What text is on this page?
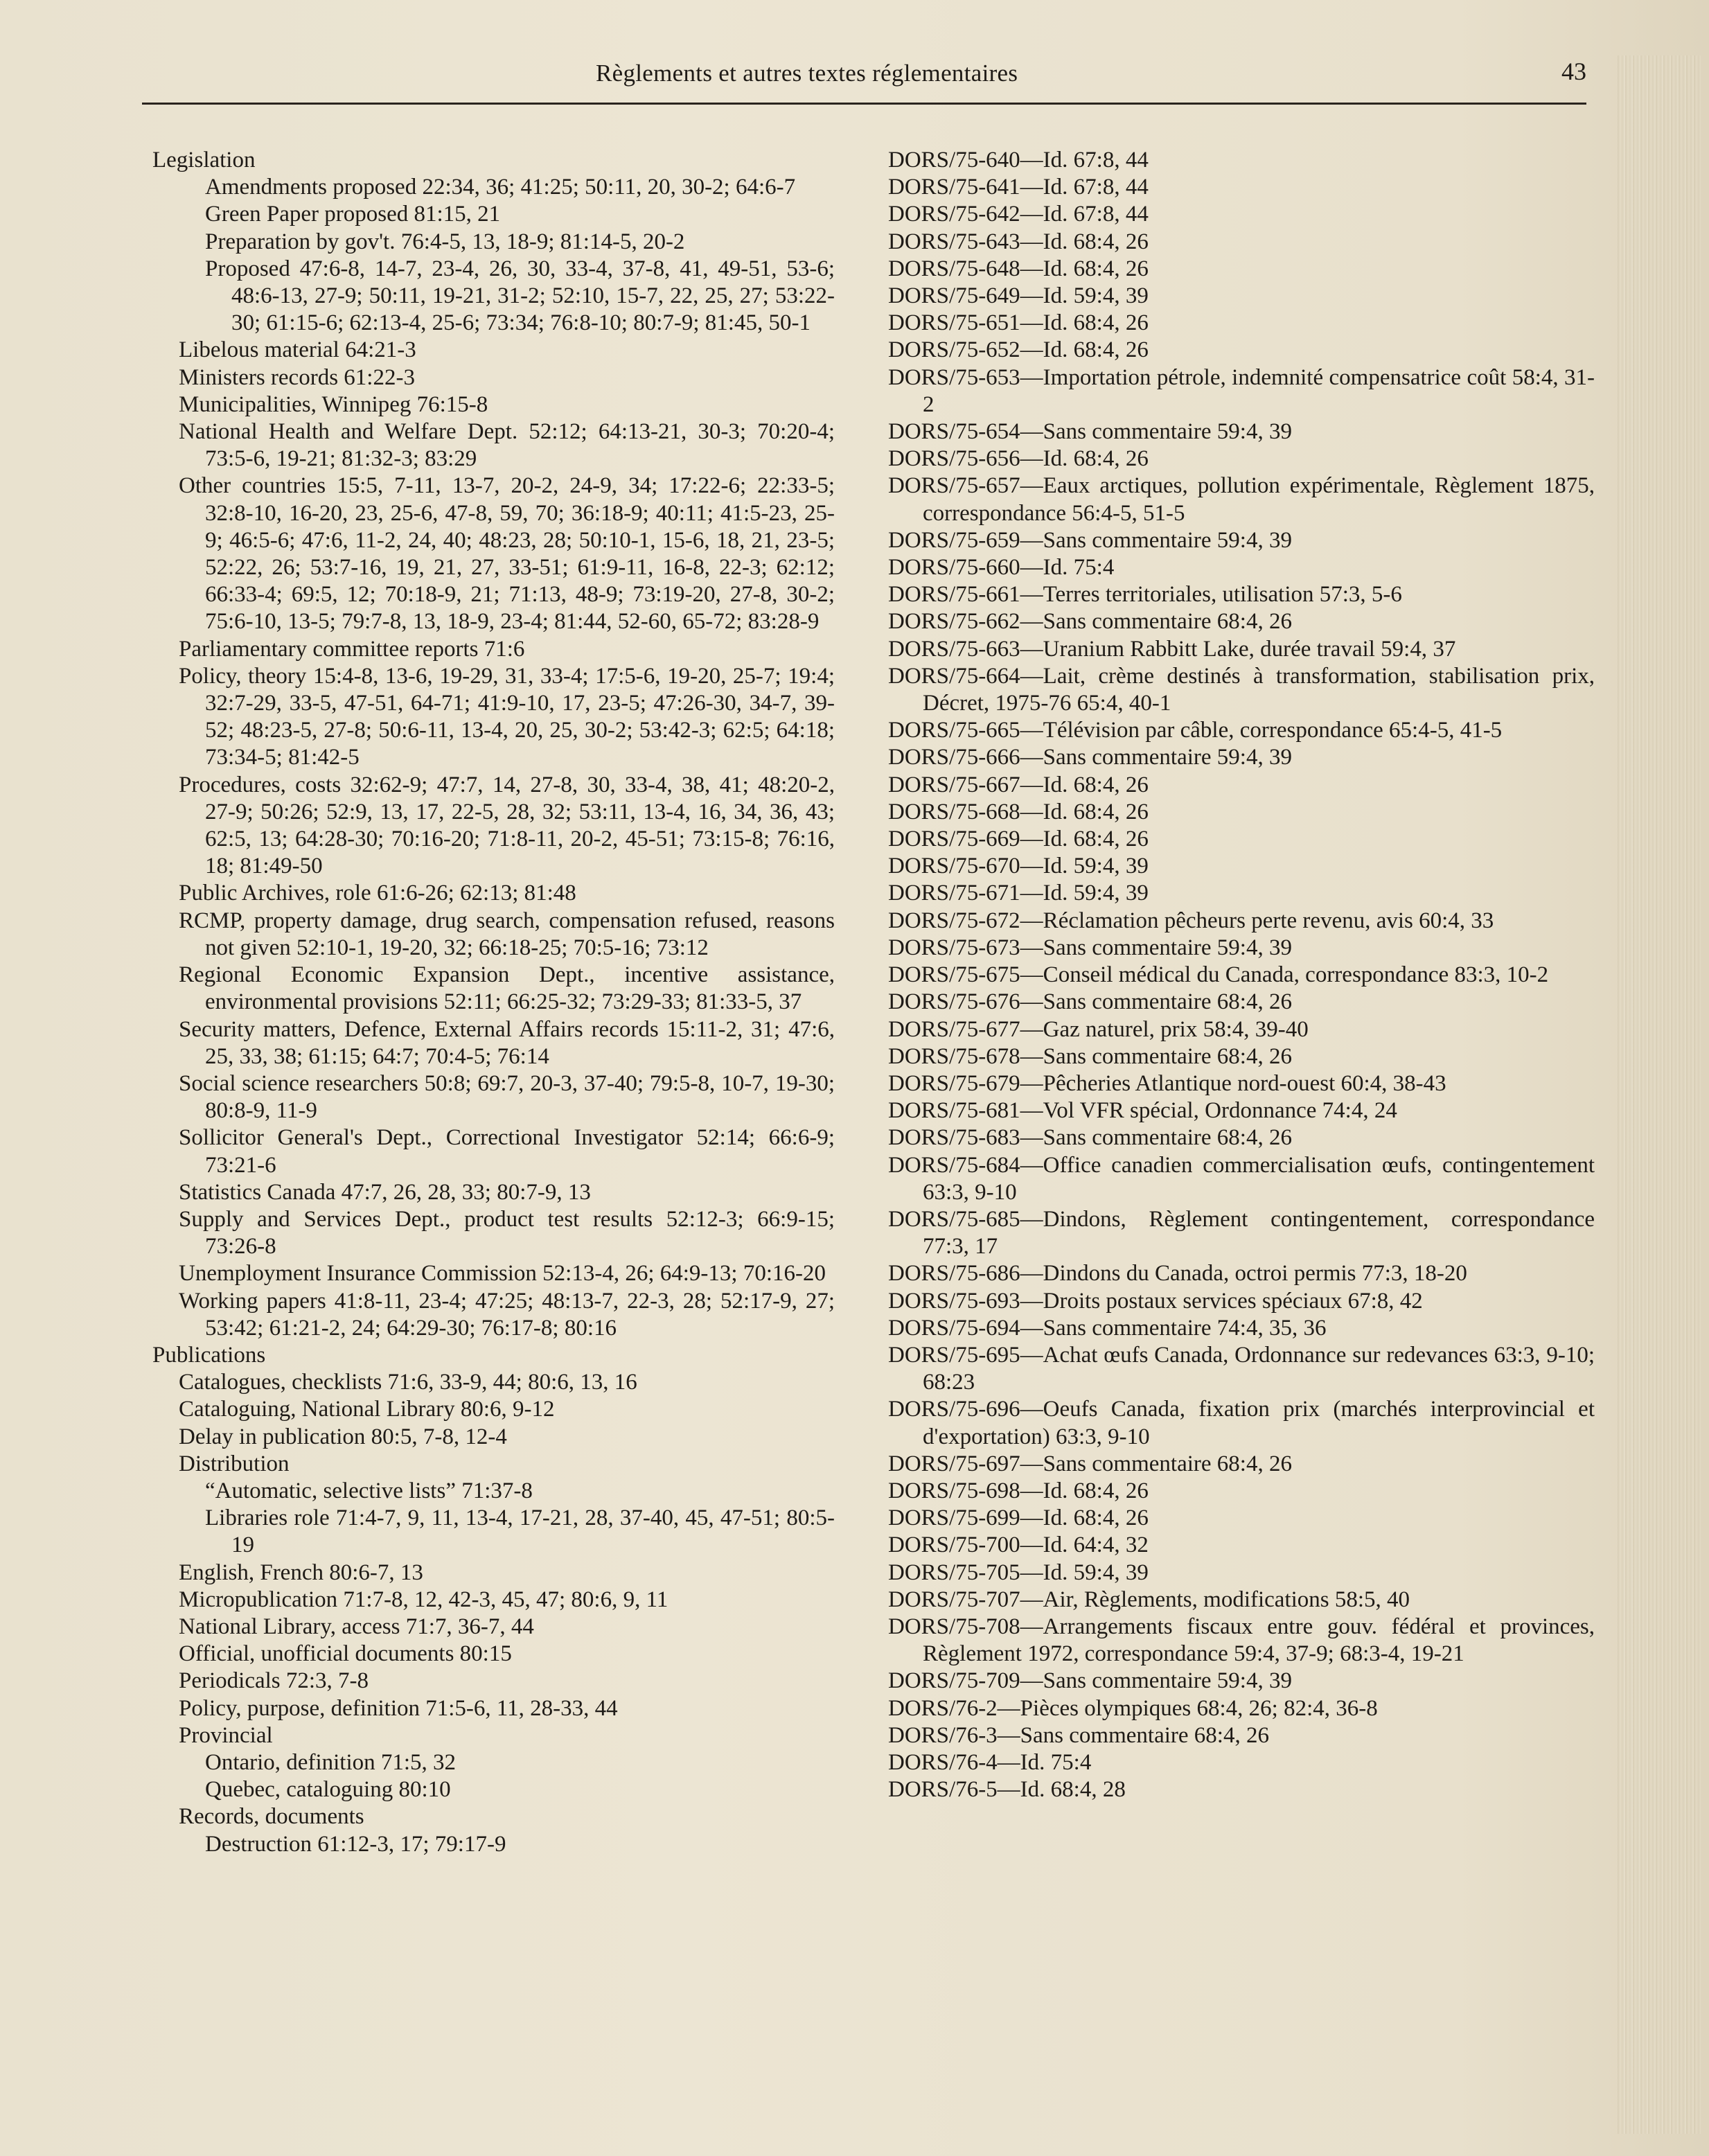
Règlements et autres textes réglementaires	43
Legislation
Amendments proposed 22:34, 36; 41:25; 50:11, 20, 30-2; 64:6-7
Green Paper proposed 81:15, 21
Preparation by gov't. 76:4-5, 13, 18-9; 81:14-5, 20-2
Proposed 47:6-8, 14-7, 23-4, 26, 30, 33-4, 37-8, 41, 49-51, 53-6; 48:6-13, 27-9; 50:11, 19-21, 31-2; 52:10, 15-7, 22, 25, 27; 53:22-30; 61:15-6; 62:13-4, 25-6; 73:34; 76:8-10; 80:7-9; 81:45, 50-1
Libelous material 64:21-3
Ministers records 61:22-3
Municipalities, Winnipeg 76:15-8
National Health and Welfare Dept. 52:12; 64:13-21, 30-3; 70:20-4; 73:5-6, 19-21; 81:32-3; 83:29
Other countries 15:5, 7-11, 13-7, 20-2, 24-9, 34; 17:22-6; 22:33-5; 32:8-10, 16-20, 23, 25-6, 47-8, 59, 70; 36:18-9; 40:11; 41:5-23, 25-9; 46:5-6; 47:6, 11-2, 24, 40; 48:23, 28; 50:10-1, 15-6, 18, 21, 23-5; 52:22, 26; 53:7-16, 19, 21, 27, 33-51; 61:9-11, 16-8, 22-3; 62:12; 66:33-4; 69:5, 12; 70:18-9, 21; 71:13, 48-9; 73:19-20, 27-8, 30-2; 75:6-10, 13-5; 79:7-8, 13, 18-9, 23-4; 81:44, 52-60, 65-72; 83:28-9
Parliamentary committee reports 71:6
Policy, theory 15:4-8, 13-6, 19-29, 31, 33-4; 17:5-6, 19-20, 25-7; 19:4; 32:7-29, 33-5, 47-51, 64-71; 41:9-10, 17, 23-5; 47:26-30, 34-7, 39-52; 48:23-5, 27-8; 50:6-11, 13-4, 20, 25, 30-2; 53:42-3; 62:5; 64:18; 73:34-5; 81:42-5
Procedures, costs 32:62-9; 47:7, 14, 27-8, 30, 33-4, 38, 41; 48:20-2, 27-9; 50:26; 52:9, 13, 17, 22-5, 28, 32; 53:11, 13-4, 16, 34, 36, 43; 62:5, 13; 64:28-30; 70:16-20; 71:8-11, 20-2, 45-51; 73:15-8; 76:16, 18; 81:49-50
Public Archives, role 61:6-26; 62:13; 81:48
RCMP, property damage, drug search, compensation refused, reasons not given 52:10-1, 19-20, 32; 66:18-25; 70:5-16; 73:12
Regional Economic Expansion Dept., incentive assistance, environmental provisions 52:11; 66:25-32; 73:29-33; 81:33-5, 37
Security matters, Defence, External Affairs records 15:11-2, 31; 47:6, 25, 33, 38; 61:15; 64:7; 70:4-5; 76:14
Social science researchers 50:8; 69:7, 20-3, 37-40; 79:5-8, 10-7, 19-30; 80:8-9, 11-9
Sollicitor General's Dept., Correctional Investigator 52:14; 66:6-9; 73:21-6
Statistics Canada 47:7, 26, 28, 33; 80:7-9, 13
Supply and Services Dept., product test results 52:12-3; 66:9-15; 73:26-8
Unemployment Insurance Commission 52:13-4, 26; 64:9-13; 70:16-20
Working papers 41:8-11, 23-4; 47:25; 48:13-7, 22-3, 28; 52:17-9, 27; 53:42; 61:21-2, 24; 64:29-30; 76:17-8; 80:16
Publications
Catalogues, checklists 71:6, 33-9, 44; 80:6, 13, 16
Cataloguing, National Library 80:6, 9-12
Delay in publication 80:5, 7-8, 12-4
Distribution
“Automatic, selective lists” 71:37-8
Libraries role 71:4-7, 9, 11, 13-4, 17-21, 28, 37-40, 45, 47-51; 80:5-19
English, French 80:6-7, 13
Micropublication 71:7-8, 12, 42-3, 45, 47; 80:6, 9, 11
National Library, access 71:7, 36-7, 44
Official, unofficial documents 80:15
Periodicals 72:3, 7-8
Policy, purpose, definition 71:5-6, 11, 28-33, 44
Provincial
Ontario, definition 71:5, 32
Quebec, cataloguing 80:10
Records, documents
Destruction 61:12-3, 17; 79:17-9
DORS/75-640—Id. 67:8, 44
DORS/75-641—Id. 67:8, 44
DORS/75-642—Id. 67:8, 44
DORS/75-643—Id. 68:4, 26
DORS/75-648—Id. 68:4, 26
DORS/75-649—Id. 59:4, 39
DORS/75-651—Id. 68:4, 26
DORS/75-652—Id. 68:4, 26
DORS/75-653—Importation pétrole, indemnité compensatrice coût 58:4, 31-2
DORS/75-654—Sans commentaire 59:4, 39
DORS/75-656—Id. 68:4, 26
DORS/75-657—Eaux arctiques, pollution expérimentale, Règlement 1875, correspondance 56:4-5, 51-5
DORS/75-659—Sans commentaire 59:4, 39
DORS/75-660—Id. 75:4
DORS/75-661—Terres territoriales, utilisation 57:3, 5-6
DORS/75-662—Sans commentaire 68:4, 26
DORS/75-663—Uranium Rabbitt Lake, durée travail 59:4, 37
DORS/75-664—Lait, crème destinés à transformation, stabilisation prix, Décret, 1975-76 65:4, 40-1
DORS/75-665—Télévision par câble, correspondance 65:4-5, 41-5
DORS/75-666—Sans commentaire 59:4, 39
DORS/75-667—Id. 68:4, 26
DORS/75-668—Id. 68:4, 26
DORS/75-669—Id. 68:4, 26
DORS/75-670—Id. 59:4, 39
DORS/75-671—Id. 59:4, 39
DORS/75-672—Réclamation pêcheurs perte revenu, avis 60:4, 33
DORS/75-673—Sans commentaire 59:4, 39
DORS/75-675—Conseil médical du Canada, correspondance 83:3, 10-2
DORS/75-676—Sans commentaire 68:4, 26
DORS/75-677—Gaz naturel, prix 58:4, 39-40
DORS/75-678—Sans commentaire 68:4, 26
DORS/75-679—Pêcheries Atlantique nord-ouest 60:4, 38-43
DORS/75-681—Vol VFR spécial, Ordonnance 74:4, 24
DORS/75-683—Sans commentaire 68:4, 26
DORS/75-684—Office canadien commercialisation œufs, contingentement 63:3, 9-10
DORS/75-685—Dindons, Règlement contingentement, correspondance 77:3, 17
DORS/75-686—Dindons du Canada, octroi permis 77:3, 18-20
DORS/75-693—Droits postaux services spéciaux 67:8, 42
DORS/75-694—Sans commentaire 74:4, 35, 36
DORS/75-695—Achat œufs Canada, Ordonnance sur redevances 63:3, 9-10; 68:23
DORS/75-696—Oeufs Canada, fixation prix (marchés interprovincial et d'exportation) 63:3, 9-10
DORS/75-697—Sans commentaire 68:4, 26
DORS/75-698—Id. 68:4, 26
DORS/75-699—Id. 68:4, 26
DORS/75-700—Id. 64:4, 32
DORS/75-705—Id. 59:4, 39
DORS/75-707—Air, Règlements, modifications 58:5, 40
DORS/75-708—Arrangements fiscaux entre gouv. fédéral et provinces, Règlement 1972, correspondance 59:4, 37-9; 68:3-4, 19-21
DORS/75-709—Sans commentaire 59:4, 39
DORS/76-2—Pièces olympiques 68:4, 26; 82:4, 36-8
DORS/76-3—Sans commentaire 68:4, 26
DORS/76-4—Id. 75:4
DORS/76-5—Id. 68:4, 28
